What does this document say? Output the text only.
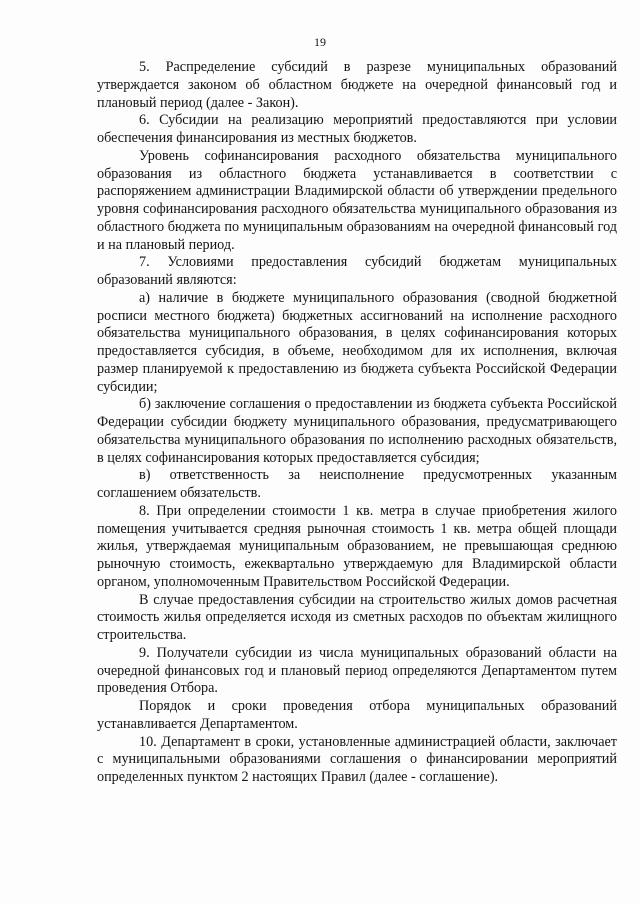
19

5. Распределение субсидий в разрезе муниципальных образований утверждается законом об областном бюджете на очередной финансовый год и плановый период (далее - Закон).

6. Субсидии на реализацию мероприятий предоставляются при условии обеспечения финансирования из местных бюджетов.

Уровень софинансирования расходного обязательства муниципального образования из областного бюджета устанавливается в соответствии с распоряжением администрации Владимирской области об утверждении предельного уровня софинансирования расходного обязательства муниципального образования из областного бюджета по муниципальным образованиям на очередной финансовый год и на плановый период.

7. Условиями предоставления субсидий бюджетам муниципальных образований являются:

а) наличие в бюджете муниципального образования (сводной бюджетной росписи местного бюджета) бюджетных ассигнований на исполнение расходного обязательства муниципального образования, в целях софинансирования которых предоставляется субсидия, в объеме, необходимом для их исполнения, включая размер планируемой к предоставлению из бюджета субъекта Российской Федерации субсидии;

б) заключение соглашения о предоставлении из бюджета субъекта Российской Федерации субсидии бюджету муниципального образования, предусматривающего обязательства муниципального образования по исполнению расходных обязательств, в целях софинансирования которых предоставляется субсидия;

в) ответственность за неисполнение предусмотренных указанным соглашением обязательств.

8. При определении стоимости 1 кв. метра в случае приобретения жилого помещения учитывается средняя рыночная стоимость 1 кв. метра общей площади жилья, утверждаемая муниципальным образованием, не превышающая среднюю рыночную стоимость, ежеквартально утверждаемую для Владимирской области органом, уполномоченным Правительством Российской Федерации.

В случае предоставления субсидии на строительство жилых домов расчетная стоимость жилья определяется исходя из сметных расходов по объектам жилищного строительства.

9. Получатели субсидии из числа муниципальных образований области на очередной финансовых год и плановый период определяются Департаментом путем проведения Отбора.

Порядок и сроки проведения отбора муниципальных образований устанавливается Департаментом.

10. Департамент в сроки, установленные администрацией области, заключает с муниципальными образованиями соглашения о финансировании мероприятий определенных пунктом 2 настоящих Правил (далее - соглашение).
